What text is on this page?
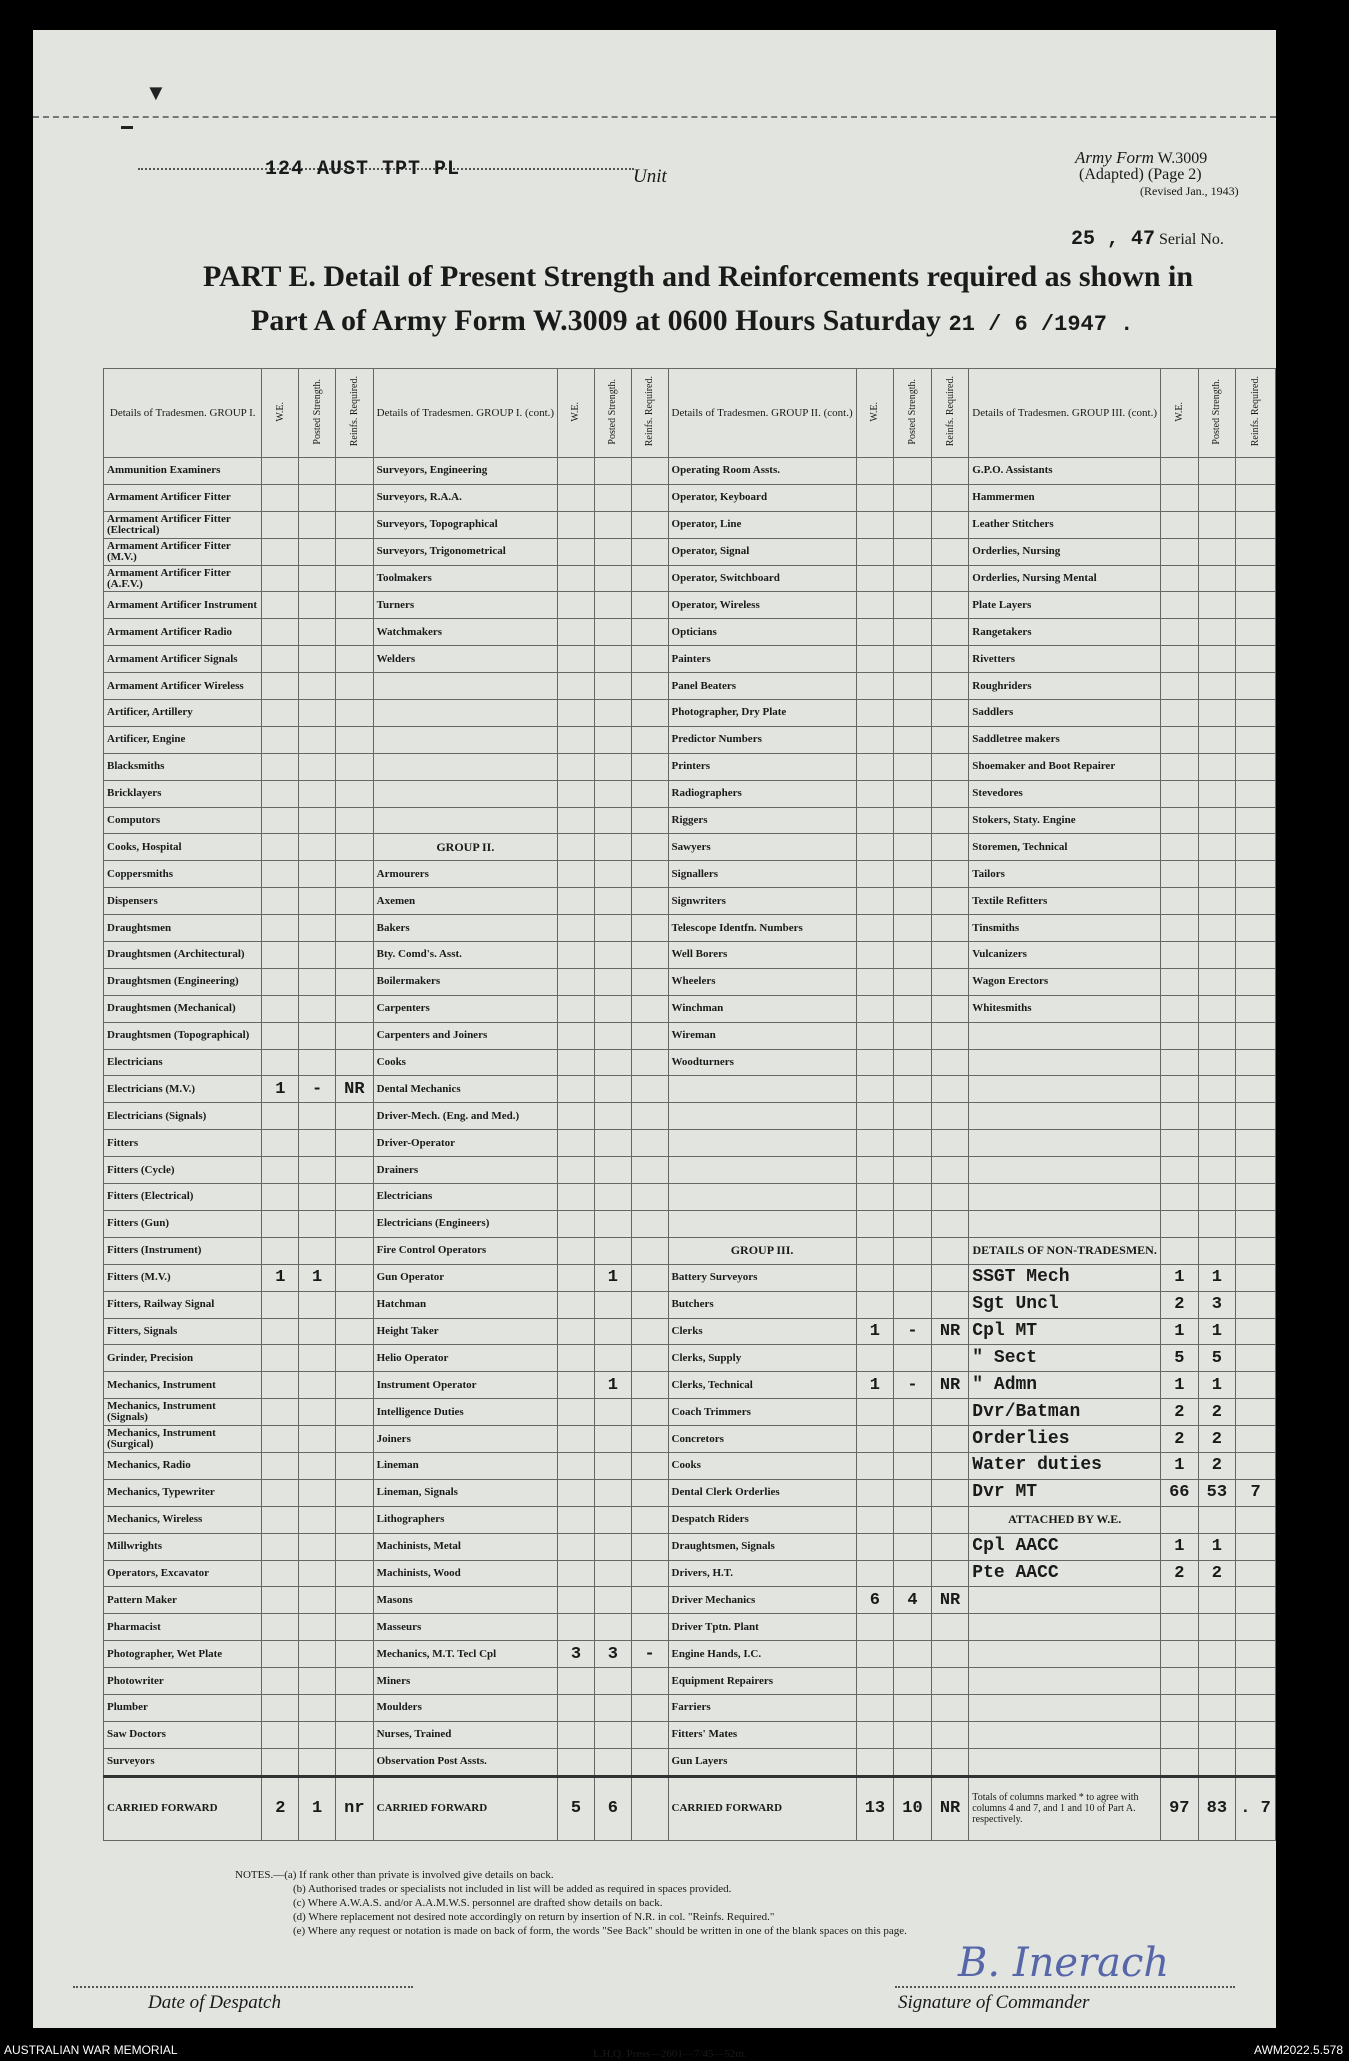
▼
124 AUST TPT PL	Unit
Army Form W.3009
(Adapted) (Page 2)
(Revised Jan., 1943)
25 , 47 Serial No.
PART E. Detail of Present Strength and Reinforcements required as shown in
Part A of Army Form W.3009 at 0600 Hours Saturday 21 / 6 /1947 .
Details of Tradesmen. GROUP I.	W.E.	Posted Strength.	Reinfs. Required.	Details of Tradesmen. GROUP I. (cont.)	W.E.	Posted Strength.	Reinfs. Required.	Details of Tradesmen. GROUP II. (cont.)	W.E.	Posted Strength.	Reinfs. Required.	Details of Tradesmen. GROUP III. (cont.)	W.E.	Posted Strength.	Reinfs. Required.
Ammunition Examiners				Surveyors, Engineering				Operating Room Assts.				G.P.O. Assistants			
Armament Artificer Fitter				Surveyors, R.A.A.				Operator, Keyboard				Hammermen			
Armament Artificer Fitter (Electrical)				Surveyors, Topographical				Operator, Line				Leather Stitchers			
Armament Artificer Fitter (M.V.)				Surveyors, Trigonometrical				Operator, Signal				Orderlies, Nursing			
Armament Artificer Fitter (A.F.V.)				Toolmakers				Operator, Switchboard				Orderlies, Nursing Mental			
Armament Artificer Instrument				Turners				Operator, Wireless				Plate Layers			
Armament Artificer Radio				Watchmakers				Opticians				Rangetakers			
Armament Artificer Signals				Welders				Painters				Rivetters			
Armament Artificer Wireless								Panel Beaters				Roughriders			
Artificer, Artillery								Photographer, Dry Plate				Saddlers			
Artificer, Engine								Predictor Numbers				Saddletree makers			
Blacksmiths								Printers				Shoemaker and Boot Repairer			
Bricklayers								Radiographers				Stevedores			
Computors								Riggers				Stokers, Staty. Engine			
Cooks, Hospital				GROUP II.				Sawyers				Storemen, Technical			
Coppersmiths				Armourers				Signallers				Tailors			
Dispensers				Axemen				Signwriters				Textile Refitters			
Draughtsmen				Bakers				Telescope Identfn. Numbers				Tinsmiths			
Draughtsmen (Architectural)				Bty. Comd's. Asst.				Well Borers				Vulcanizers			
Draughtsmen (Engineering)				Boilermakers				Wheelers				Wagon Erectors			
Draughtsmen (Mechanical)				Carpenters				Winchman				Whitesmiths			
Draughtsmen (Topographical)				Carpenters and Joiners				Wireman							
Electricians				Cooks				Woodturners							
Electricians (M.V.)	1	-	NR	Dental Mechanics											
Electricians (Signals)				Driver-Mech. (Eng. and Med.)											
Fitters				Driver-Operator											
Fitters (Cycle)				Drainers											
Fitters (Electrical)				Electricians											
Fitters (Gun)				Electricians (Engineers)											
Fitters (Instrument)				Fire Control Operators				GROUP III.				DETAILS OF NON-TRADESMEN.			
Fitters (M.V.)	1	1		Gun Operator		1		Battery Surveyors				SSGT Mech	1	1	
Fitters, Railway Signal				Hatchman				Butchers				Sgt Uncl	2	3	
Fitters, Signals				Height Taker				Clerks	1	-	NR	Cpl MT	1	1	
Grinder, Precision				Helio Operator				Clerks, Supply				" Sect	5	5	
Mechanics, Instrument				Instrument Operator		1		Clerks, Technical	1	-	NR	" Admn	1	1	
Mechanics, Instrument (Signals)				Intelligence Duties				Coach Trimmers				Dvr/Batman	2	2	
Mechanics, Instrument (Surgical)				Joiners				Concretors				Orderlies	2	2	
Mechanics, Radio				Lineman				Cooks				Water duties	1	2	
Mechanics, Typewriter				Lineman, Signals				Dental Clerk Orderlies				Dvr MT	66	53	7
Mechanics, Wireless				Lithographers				Despatch Riders				ATTACHED BY W.E.			
Millwrights				Machinists, Metal				Draughtsmen, Signals				Cpl AACC	1	1	
Operators, Excavator				Machinists, Wood				Drivers, H.T.				Pte AACC	2	2	
Pattern Maker				Masons				Driver Mechanics	6	4	NR				
Pharmacist				Masseurs				Driver Tptn. Plant							
Photographer, Wet Plate				Mechanics, M.T. Tecl Cpl	3	3	-	Engine Hands, I.C.							
Photowriter				Miners				Equipment Repairers							
Plumber				Moulders				Farriers							
Saw Doctors				Nurses, Trained				Fitters' Mates							
Surveyors				Observation Post Assts.				Gun Layers							
CARRIED FORWARD	2	1	nr	CARRIED FORWARD	5	6		CARRIED FORWARD	13	10	NR	Totals of columns marked * to agree with columns 4 and 7, and 1 and 10 of Part A. respectively.	97	83	. 7
NOTES.—(a) If rank other than private is involved give details on back.
(b) Authorised trades or specialists not included in list will be added as required in spaces provided.
(c) Where A.W.A.S. and/or A.A.M.W.S. personnel are drafted show details on back.
(d) Where replacement not desired note accordingly on return by insertion of N.R. in col. "Reinfs. Required."
(e) Where any request or notation is made on back of form, the words "See Back" should be written in one of the blank spaces on this page.
Date of Despatch
B. Inerach
Signature of Commander
L.H.Q. Press—2601—7/45—52m.
AUSTRALIAN WAR MEMORIAL	AWM2022.5.578
